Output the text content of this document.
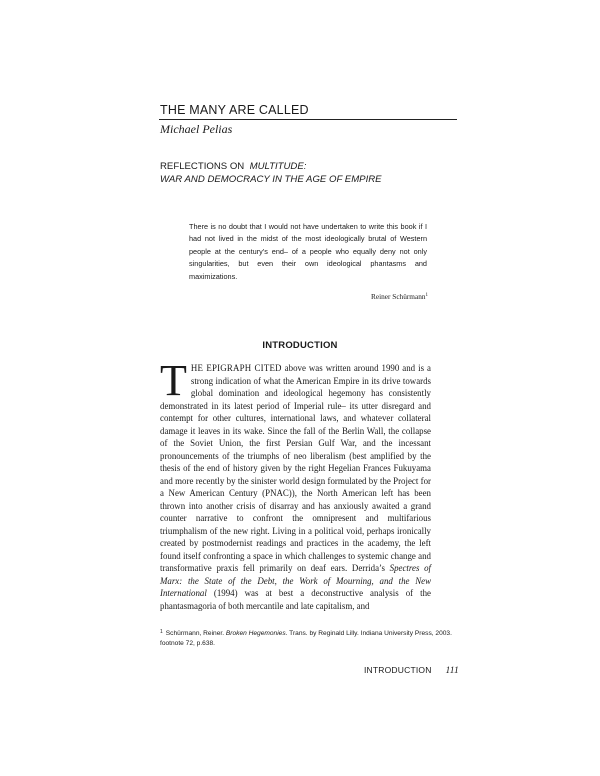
THE MANY ARE CALLED
Michael Pelias
REFLECTIONS ON MULTITUDE:
WAR AND DEMOCRACY IN THE AGE OF EMPIRE
There is no doubt that I would not have undertaken to write this book if I had not lived in the midst of the most ideologically brutal of Western people at the century’s end– of a people who equally deny not only singularities, but even their own ideological phantasms and maximizations.
Reiner Schürmann$^1$
INTRODUCTION
THE EPIGRAPH CITED above was written around 1990 and is a strong indication of what the American Empire in its drive towards global domination and ideological hegemony has consistently demonstrated in its latest period of Imperial rule– its utter disregard and contempt for other cultures, international laws, and whatever collateral damage it leaves in its wake. Since the fall of the Berlin Wall, the collapse of the Soviet Union, the first Persian Gulf War, and the incessant pronouncements of the triumphs of neo liberalism (best amplified by the thesis of the end of history given by the right Hegelian Frances Fukuyama and more recently by the sinister world design formulated by the Project for a New American Century (PNAC)), the North American left has been thrown into another crisis of disarray and has anxiously awaited a grand counter narrative to confront the omnipresent and multifarious triumphalism of the new right. Living in a political void, perhaps ironically created by postmodernist readings and practices in the academy, the left found itself confronting a space in which challenges to systemic change and transformative praxis fell primarily on deaf ears. Derrida’s Spectres of Marx: the State of the Debt, the Work of Mourning, and the New International (1994) was at best a deconstructive analysis of the phantasmagoria of both mercantile and late capitalism, and
$^1$ Schürmann, Reiner. Broken Hegemonies. Trans. by Reginald Lilly. Indiana University Press, 2003. footnote 72, p.638.
INTRODUCTION 111
